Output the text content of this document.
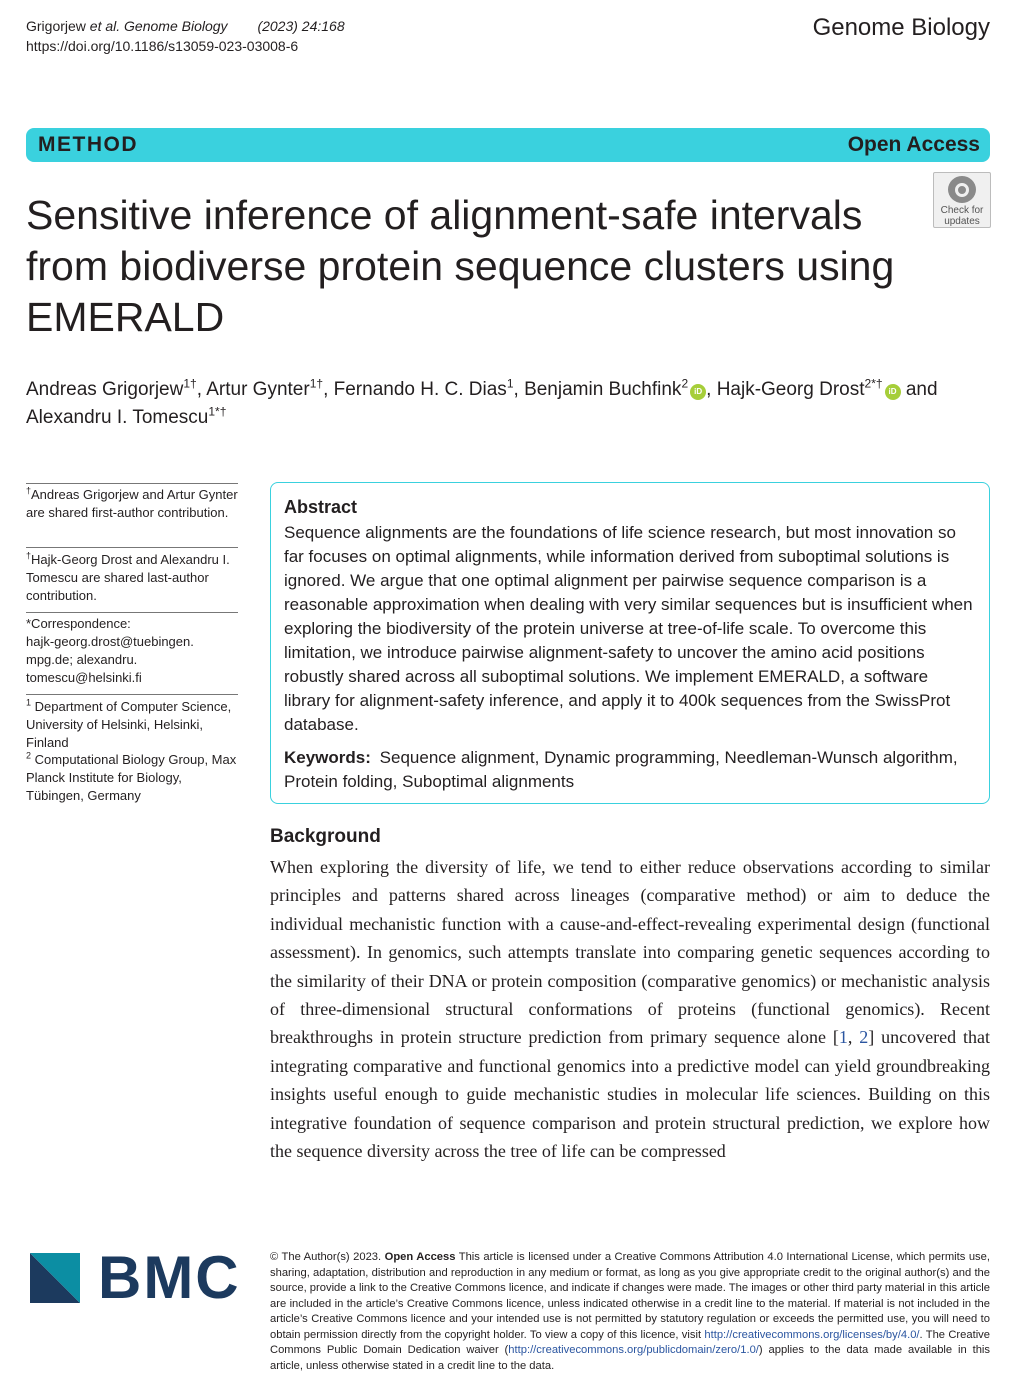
Grigorjew et al. Genome Biology (2023) 24:168
https://doi.org/10.1186/s13059-023-03008-6
Genome Biology
METHOD	Open Access
Check for
updates
Sensitive inference of alignment-safe intervals from biodiverse protein sequence clusters using EMERALD
Andreas Grigorjew$^{1\dagger}$, Artur Gynter$^{1\dagger}$, Fernando H. C. Dias$^1$, Benjamin Buchfink$^2$iD , Hajk-Georg Drost$^{2*\dagger}$iD and
Alexandru I. Tomescu$^{1*\dagger}$
†Andreas Grigorjew and Artur Gynter are shared first-author contribution.
†Hajk-Georg Drost and Alexandru I. Tomescu are shared last-author contribution.
*Correspondence:
hajk-georg.drost@tuebingen.
mpg.de; alexandru.
tomescu@helsinki.fi
$^1$ Department of Computer Science, University of Helsinki, Helsinki, Finland
$^2$ Computational Biology Group, Max Planck Institute for Biology, Tübingen, Germany
Abstract

Sequence alignments are the foundations of life science research, but most innovation so far focuses on optimal alignments, while information derived from suboptimal solutions is ignored. We argue that one optimal alignment per pairwise sequence comparison is a reasonable approximation when dealing with very similar sequences but is insufficient when exploring the biodiversity of the protein universe at tree-of-life scale. To overcome this limitation, we introduce pairwise alignment-safety to uncover the amino acid positions robustly shared across all suboptimal solutions. We implement EMERALD, a software library for alignment-safety inference, and apply it to 400k sequences from the SwissProt database.

Keywords: Sequence alignment, Dynamic programming, Needleman-Wunsch algorithm, Protein folding, Suboptimal alignments

Background
When exploring the diversity of life, we tend to either reduce observations according to similar principles and patterns shared across lineages (comparative method) or aim to deduce the individual mechanistic function with a cause-and-effect-revealing experimental design (functional assessment). In genomics, such attempts translate into comparing genetic sequences according to the similarity of their DNA or protein composition (comparative genomics) or mechanistic analysis of three-dimensional structural conformations of proteins (functional genomics). Recent breakthroughs in protein structure prediction from primary sequence alone [1, 2] uncovered that integrating comparative and functional genomics into a predictive model can yield groundbreaking insights useful enough to guide mechanistic studies in molecular life sciences. Building on this integrative foundation of sequence comparison and protein structural prediction, we explore how the sequence diversity across the tree of life can be compressed
BMC	© The Author(s) 2023. Open Access This article is licensed under a Creative Commons Attribution 4.0 International License, which permits use, sharing, adaptation, distribution and reproduction in any medium or format, as long as you give appropriate credit to the original author(s) and the source, provide a link to the Creative Commons licence, and indicate if changes were made. The images or other third party material in this article are included in the article’s Creative Commons licence, unless indicated otherwise in a credit line to the material. If material is not included in the article’s Creative Commons licence and your intended use is not permitted by statutory regulation or exceeds the permitted use, you will need to obtain permission directly from the copyright holder. To view a copy of this licence, visit http://creativecommons.org/licenses/by/4.0/. The Creative Commons Public Domain Dedication waiver (http://creativecommons.org/publicdomain/zero/1.0/) applies to the data made available in this article, unless otherwise stated in a credit line to the data.
